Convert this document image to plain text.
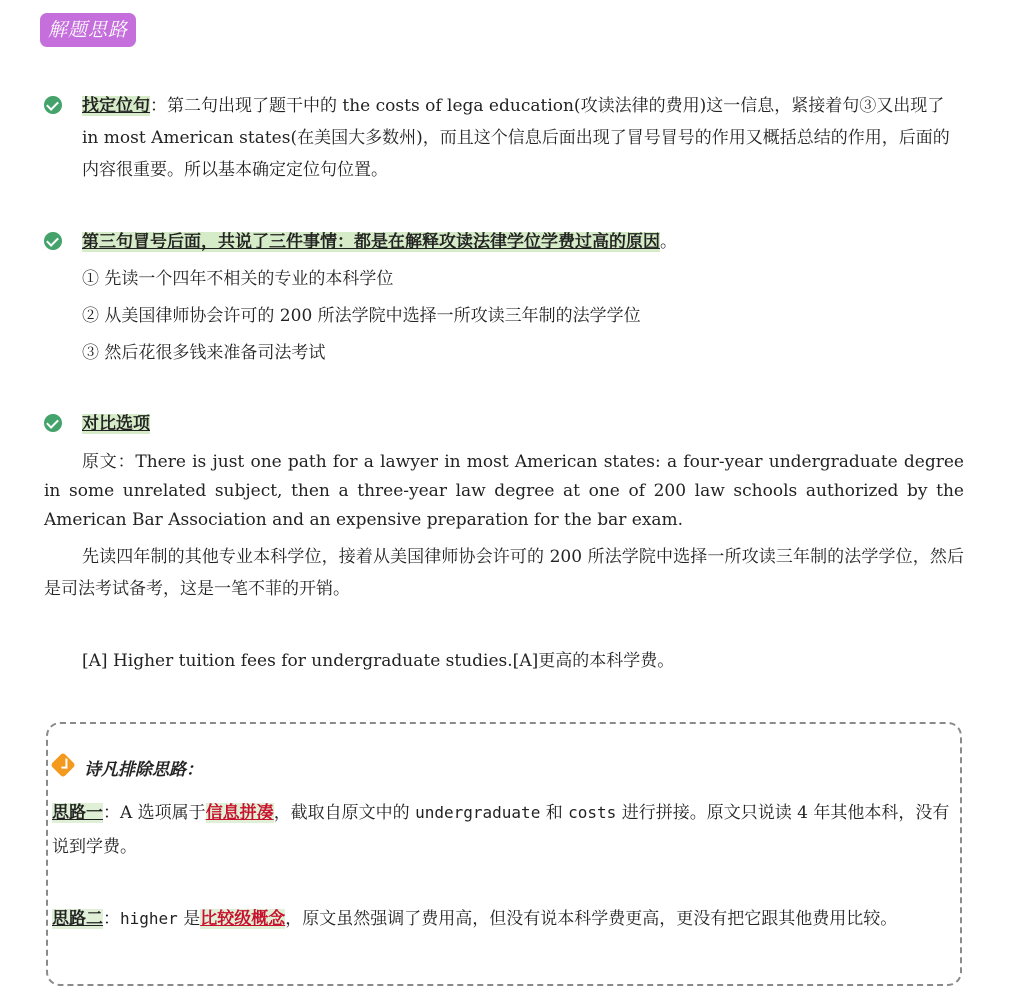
解题思路
找定位句：第二句出现了题干中的 the costs of lega education(攻读法律的费用)这一信息，紧接着句③又出现了 in most American states(在美国大多数州)，而且这个信息后面出现了冒号冒号的作用又概括总结的作用，后面的内容很重要。所以基本确定定位句位置。
第三句冒号后面，共说了三件事情：都是在解释攻读法律学位学费过高的原因。
① 先读一个四年不相关的专业的本科学位
② 从美国律师协会许可的 200 所法学院中选择一所攻读三年制的法学学位
③ 然后花很多钱来准备司法考试
对比选项
原文：There is just one path for a lawyer in most American states: a four-year undergraduate degree in some unrelated subject, then a three-year law degree at one of 200 law schools authorized by the American Bar Association and an expensive preparation for the bar exam.
先读四年制的其他专业本科学位，接着从美国律师协会许可的 200 所法学院中选择一所攻读三年制的法学学位，然后是司法考试备考，这是一笔不菲的开销。
[A] Higher tuition fees for undergraduate studies.[A]更高的本科学费。
诗凡排除思路：
思路一：A 选项属于信息拼凑，截取自原文中的 undergraduate 和 costs 进行拼接。原文只说读 4 年其他本科，没有说到学费。
思路二：higher 是比较级概念，原文虽然强调了费用高，但没有说本科学费更高，更没有把它跟其他费用比较。
